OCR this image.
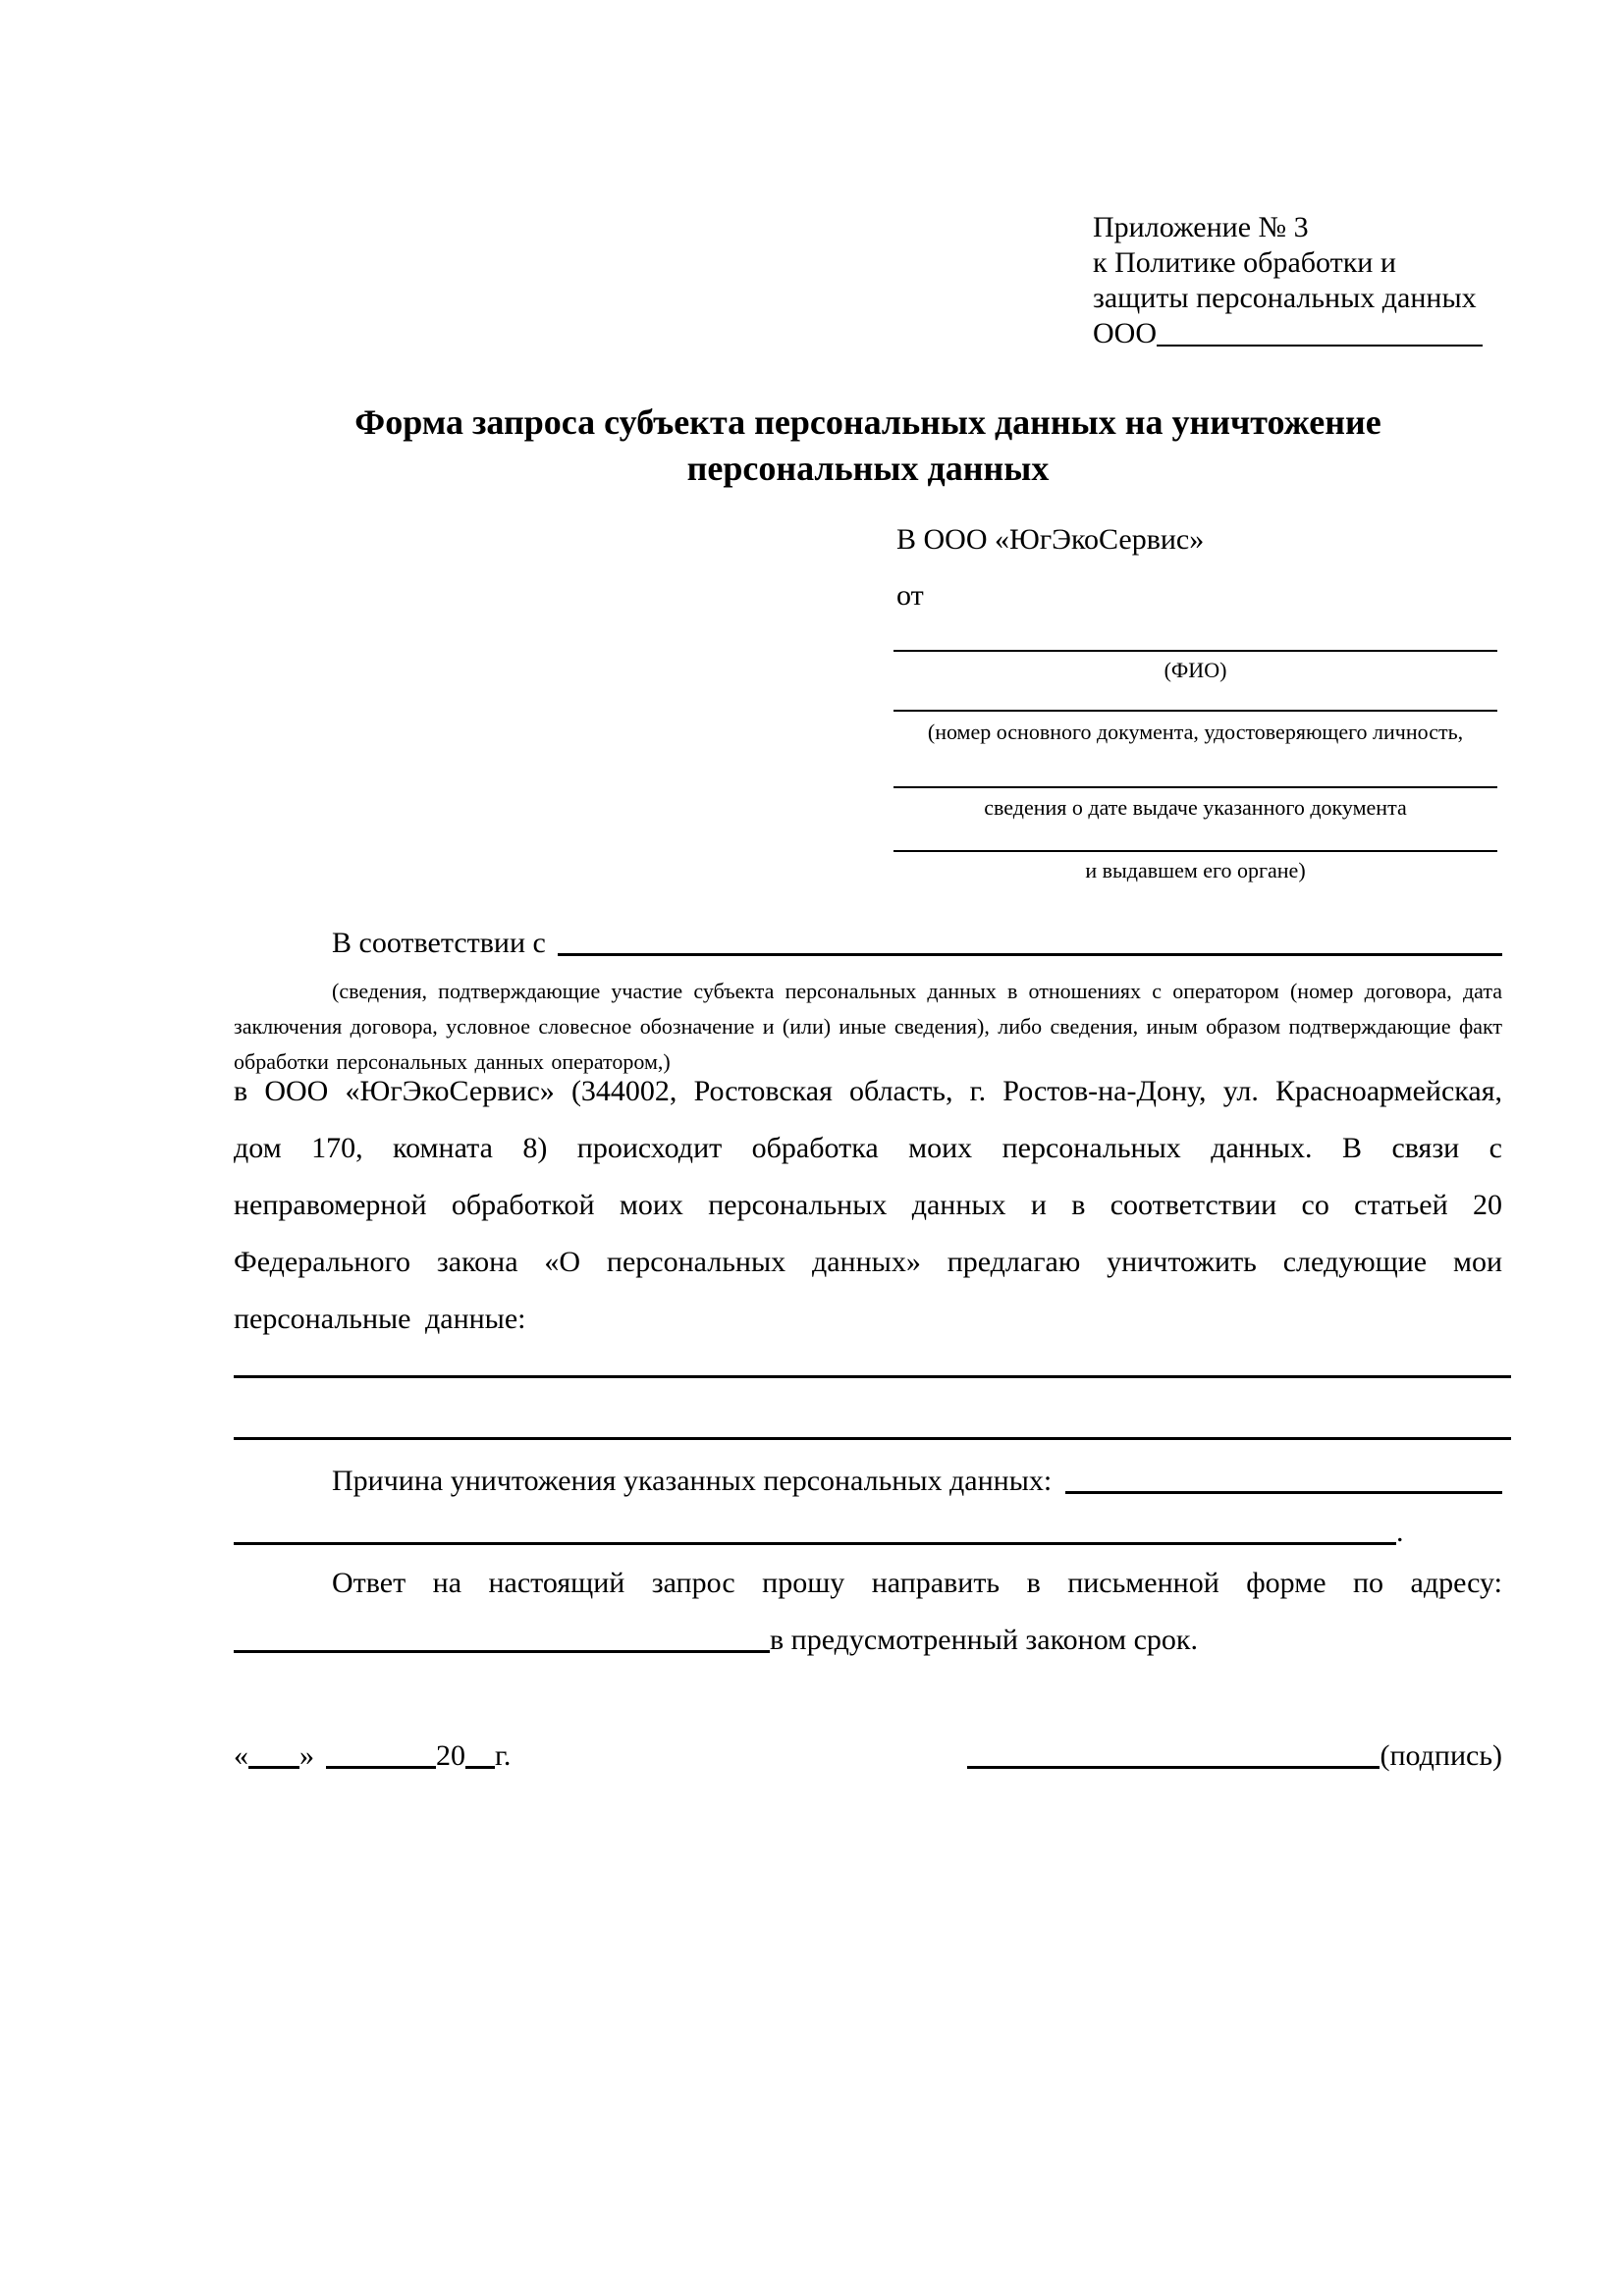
Приложение № 3
к Политике обработки и
защиты персональных данных
ООО
Форма запроса субъекта персональных данных на уничтожение
персональных данных
В ООО «ЮгЭкоСервис»
от
(ФИО)
(номер основного документа, удостоверяющего личность,
сведения о дате выдаче указанного документа
и выдавшем его органе)
В соответствии с
(сведения, подтверждающие участие субъекта персональных данных в отношениях с оператором (номер договора, дата заключения договора, условное словесное обозначение и (или) иные сведения), либо сведения, иным образом подтверждающие факт обработки персональных данных оператором,)
в ООО «ЮгЭкоСервис» (344002, Ростовская область, г. Ростов-на-Дону, ул. Красноармейская, дом 170, комната 8) происходит обработка моих персональных данных. В связи с неправомерной обработкой моих персональных данных и в соответствии со статьей 20 Федерального закона «О персональных данных» предлагаю уничтожить следующие мои персональные данные:
Причина уничтожения указанных персональных данных:
.
Ответ на настоящий запрос прошу направить в письменной форме по адресу:
в предусмотренный законом срок.
« »	20 г.	(подпись)
